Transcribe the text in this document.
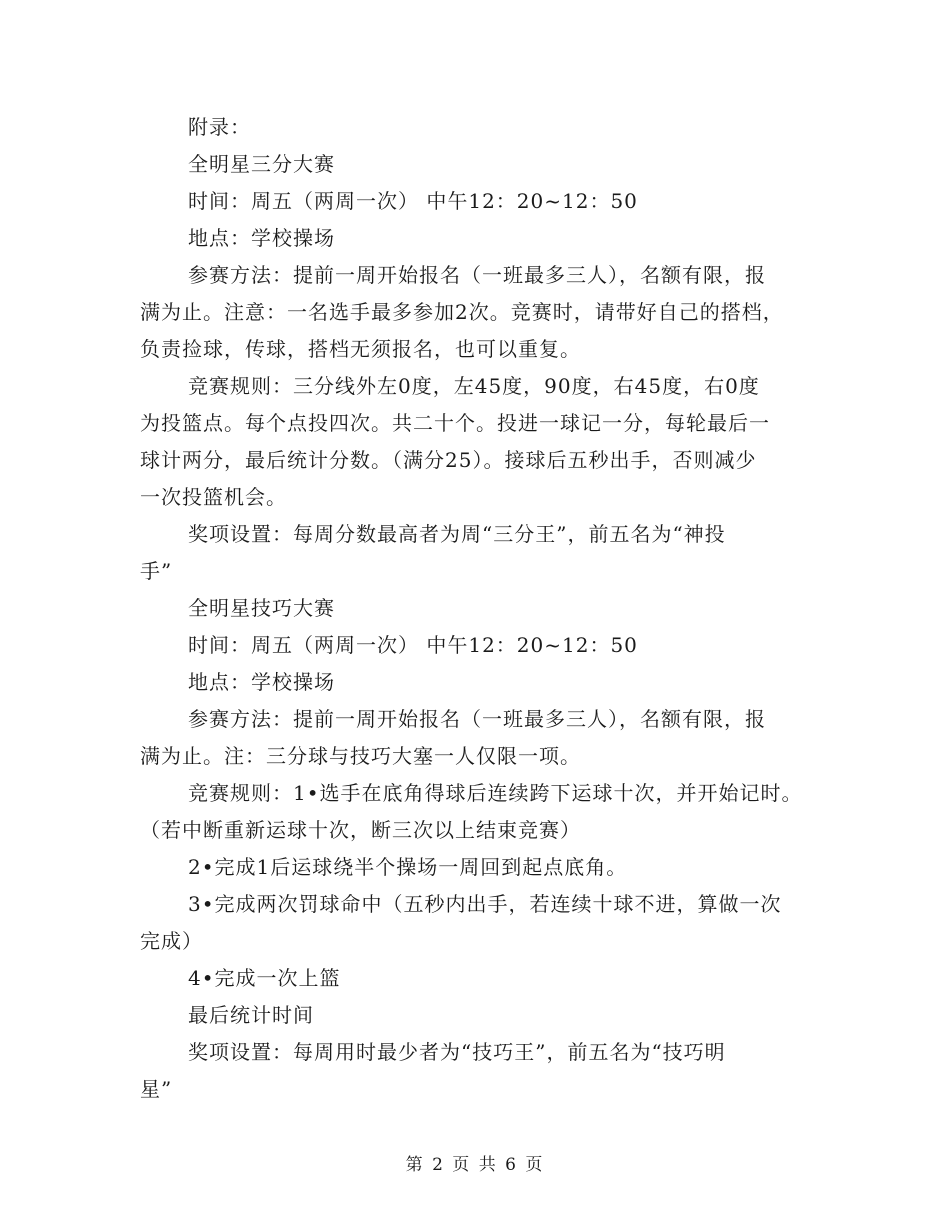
附录：
全明星三分大赛
时间：周五（两周一次） 中午12：20~12：50
地点：学校操场
参赛方法：提前一周开始报名（一班最多三人），名额有限，报
满为止。注意：一名选手最多参加2次。竞赛时，请带好自己的搭档，
负责捡球，传球，搭档无须报名，也可以重复。
竞赛规则：三分线外左0度，左45度，90度，右45度，右0度
为投篮点。每个点投四次。共二十个。投进一球记一分，每轮最后一
球计两分，最后统计分数。（满分25）。接球后五秒出手，否则减少
一次投篮机会。
奖项设置：每周分数最高者为周“三分王”，前五名为“神投
手”
全明星技巧大赛
时间：周五（两周一次） 中午12：20~12：50
地点：学校操场
参赛方法：提前一周开始报名（一班最多三人），名额有限，报
满为止。注：三分球与技巧大塞一人仅限一项。
竞赛规则：1•选手在底角得球后连续跨下运球十次，并开始记时。
（若中断重新运球十次，断三次以上结束竞赛）
2•完成1后运球绕半个操场一周回到起点底角。
3•完成两次罚球命中（五秒内出手，若连续十球不进，算做一次
完成）
4•完成一次上篮
最后统计时间
奖项设置：每周用时最少者为“技巧王”，前五名为“技巧明
星”
第 2 页 共 6 页
